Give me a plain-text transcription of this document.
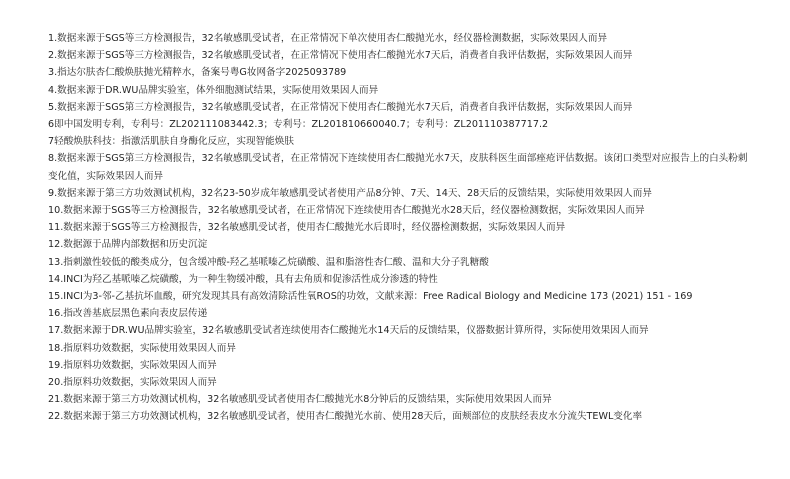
1.数据来源于SGS等三方检测报告，32名敏感肌受试者，在正常情况下单次使用杏仁酸抛光水，经仪器检测数据，实际效果因人而异
2.数据来源于SGS等三方检测报告，32名敏感肌受试者，在正常情况下使用杏仁酸抛光水7天后，消费者自我评估数据，实际效果因人而异
3.指达尔肤杏仁酸焕肤抛光精粹水，备案号粤G妆网备字2025093789
4.数据来源于DR.WU品牌实验室，体外细胞测试结果，实际使用效果因人而异
5.数据来源于SGS第三方检测报告，32名敏感肌受试者，在正常情况下使用杏仁酸抛光水7天后，消费者自我评估数据，实际效果因人而异
6即中国发明专利，专利号：ZL202111083442.3；专利号：ZL201810660040.7；专利号：ZL201110387717.2
7轻酸焕肤科技：指激活肌肤自身酶化反应，实现智能焕肤
8.数据来源于SGS第三方检测报告，32名敏感肌受试者，在正常情况下连续使用杏仁酸抛光水7天，皮肤科医生面部痤疮评估数据。该闭口类型对应报告上的白头粉刺变化值，实际效果因人而异
9.数据来源于第三方功效测试机构，32名23-50岁成年敏感肌受试者使用产品8分钟、7天、14天、28天后的反馈结果，实际使用效果因人而异
10.数据来源于SGS等三方检测报告，32名敏感肌受试者，在正常情况下连续使用杏仁酸抛光水28天后，经仪器检测数据，实际效果因人而异
11.数据来源于SGS等三方检测报告，32名敏感肌受试者，使用杏仁酸抛光水后即时，经仪器检测数据，实际效果因人而异
12.数据源于品牌内部数据和历史沉淀
13.指刺激性较低的酸类成分，包含缓冲酸-羟乙基哌嗪乙烷磺酸、温和脂溶性杏仁酸、温和大分子乳糖酸
14.INCI为羟乙基哌嗪乙烷磺酸，为一种生物缓冲酸，具有去角质和促渗活性成分渗透的特性
15.INCI为3-邻-乙基抗坏血酸，研究发现其具有高效清除活性氧ROS的功效，文献来源：Free Radical Biology and Medicine 173 (2021) 151 - 169
16.指改善基底层黑色素向表皮层传递
17.数据来源于DR.WU品牌实验室，32名敏感肌受试者连续使用杏仁酸抛光水14天后的反馈结果，仪器数据计算所得，实际使用效果因人而异
18.指原料功效数据，实际使用效果因人而异
19.指原料功效数据，实际效果因人而异
20.指原料功效数据，实际效果因人而异
21.数据来源于第三方功效测试机构，32名敏感肌受试者使用杏仁酸抛光水8分钟后的反馈结果，实际使用效果因人而异
22.数据来源于第三方功效测试机构，32名敏感肌受试者，使用杏仁酸抛光水前、使用28天后，面颊部位的皮肤经表皮水分流失TEWL变化率
